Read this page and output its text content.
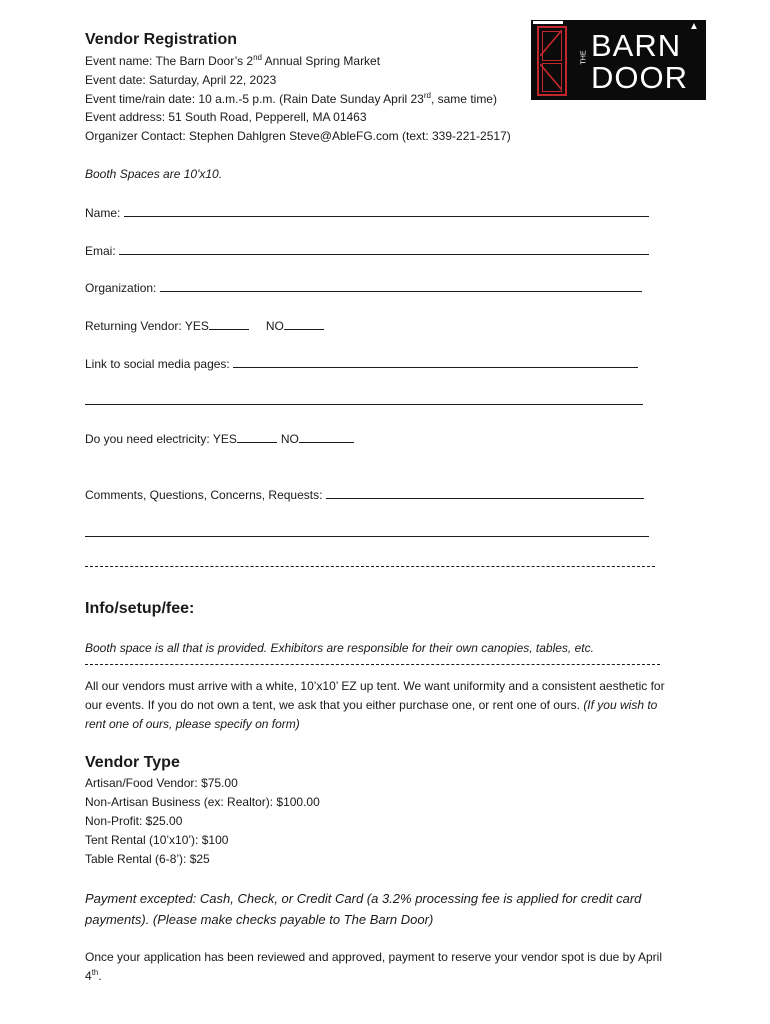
THE BARN
DOOR
▲
Vendor Registration
Event name: The Barn Door’s 2nd Annual Spring Market
Event date: Saturday, April 22, 2023
Event time/rain date: 10 a.m.-5 p.m. (Rain Date Sunday April 23rd, same time)
Event address: 51 South Road, Pepperell, MA 01463
Organizer Contact: Stephen Dahlgren Steve@AbleFG.com (text: 339-221-2517)
Booth Spaces are 10'x10.
Name:
Emai:
Organization:
Returning Vendor: YES	NO
Link to social media pages:
Do you need electricity: YES	NO
Comments, Questions, Concerns, Requests:
Info/setup/fee:
Booth space is all that is provided. Exhibitors are responsible for their own canopies, tables, etc.
All our vendors must arrive with a white, 10’x10’ EZ up tent. We want uniformity and a consistent aesthetic for our events. If you do not own a tent, we ask that you either purchase one, or rent one of ours. (If you wish to rent one of ours, please specify on form)
Vendor Type
Artisan/Food Vendor: $75.00
Non-Artisan Business (ex: Realtor): $100.00
Non-Profit: $25.00
Tent Rental (10’x10’): $100
Table Rental (6-8’): $25
Payment excepted: Cash, Check, or Credit Card (a 3.2% processing fee is applied for credit card payments). (Please make checks payable to The Barn Door)
Once your application has been reviewed and approved, payment to reserve your vendor spot is due by April 4th.
